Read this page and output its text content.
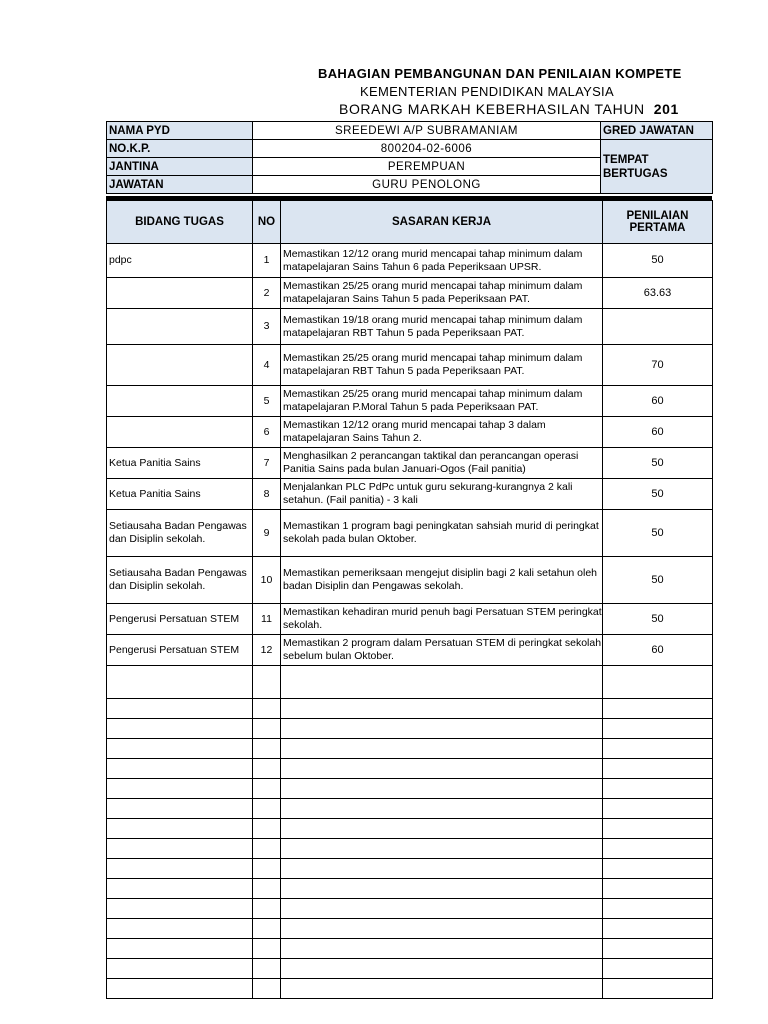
BAHAGIAN PEMBANGUNAN DAN PENILAIAN KOMPETE
KEMENTERIAN PENDIDIKAN MALAYSIA
BORANG MARKAH KEBERHASILAN TAHUN 201
NAMA PYD	SREEDEWI A/P SUBRAMANIAM	GRED JAWATAN
NO.K.P.	800204-02-6006	TEMPAT BERTUGAS
JANTINA	PEREMPUAN	
JAWATAN	GURU PENOLONG	
BIDANG TUGAS	NO	SASARAN KERJA	PENILAIAN PERTAMA
pdpc	1	Memastikan 12/12 orang murid mencapai tahap minimum dalam matapelajaran Sains Tahun 6 pada Peperiksaan UPSR.	50
	2	Memastikan 25/25 orang murid mencapai tahap minimum dalam matapelajaran Sains Tahun 5 pada Peperiksaan PAT.	63.63
	3	Memastikan 19/18 orang murid mencapai tahap minimum dalam matapelajaran RBT Tahun 5 pada Peperiksaan PAT.	
	4	Memastikan 25/25 orang murid mencapai tahap minimum dalam matapelajaran RBT Tahun 5 pada Peperiksaan PAT.	70
	5	Memastikan 25/25 orang murid mencapai tahap minimum dalam matapelajaran P.Moral Tahun 5 pada Peperiksaan PAT.	60
	6	Memastikan 12/12 orang murid mencapai tahap 3 dalam matapelajaran Sains Tahun 2.	60
Ketua Panitia Sains	7	Menghasilkan 2 perancangan taktikal dan perancangan operasi Panitia Sains pada bulan Januari-Ogos (Fail panitia)	50
Ketua Panitia Sains	8	Menjalankan PLC PdPc untuk guru sekurang-kurangnya 2 kali setahun. (Fail panitia) - 3 kali	50
Setiausaha Badan Pengawas dan Disiplin sekolah.	9	Memastikan 1 program bagi peningkatan sahsiah murid di peringkat sekolah pada bulan Oktober.	50
Setiausaha Badan Pengawas dan Disiplin sekolah.	10	Memastikan pemeriksaan mengejut disiplin bagi 2 kali setahun oleh badan Disiplin dan Pengawas sekolah.	50
Pengerusi Persatuan STEM	11	Memastikan kehadiran murid penuh bagi Persatuan STEM peringkat sekolah.	50
Pengerusi Persatuan STEM	12	Memastikan 2 program dalam Persatuan STEM di peringkat sekolah sebelum bulan Oktober.	60
